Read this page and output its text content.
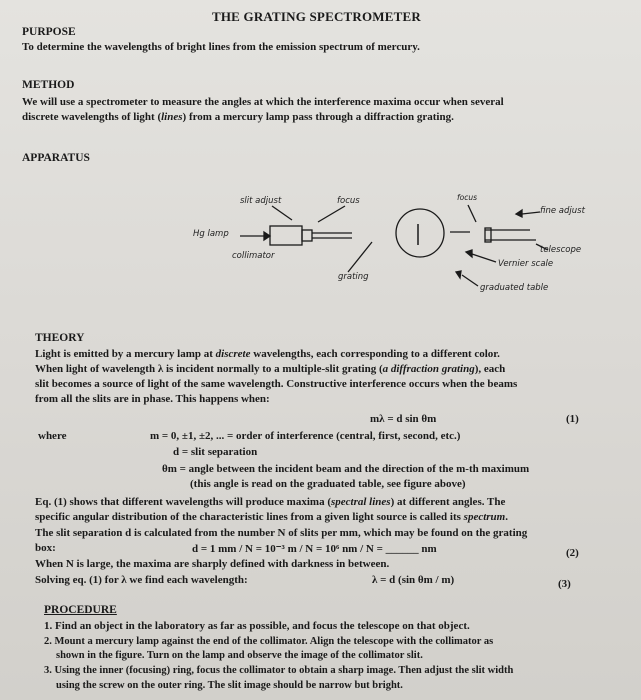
THE GRATING SPECTROMETER
PURPOSE
To determine the wavelengths of bright lines from the emission spectrum of mercury.
METHOD
We will use a spectrometer to measure the angles at which the interference maxima occur when several
discrete wavelengths of light (lines) from a mercury lamp pass through a diffraction grating.
APPARATUS
slit adjust	focus	focus
fine adjust
Hg lamp
collimator
telescope
Vernier scale
grating
graduated table
THEORY
Light is emitted by a mercury lamp at discrete wavelengths, each corresponding to a different color.
When light of wavelength λ is incident normally to a multiple-slit grating (a diffraction grating), each
slit becomes a source of light of the same wavelength. Constructive interference occurs when the beams
from all the slits are in phase. This happens when:
mλ = d sin θm	(1)
where	m = 0, ±1, ±2, ... = order of interference (central, first, second, etc.)
d = slit separation
θm = angle between the incident beam and the direction of the m-th maximum
(this angle is read on the graduated table, see figure above)
Eq. (1) shows that different wavelengths will produce maxima (spectral lines) at different angles. The
specific angular distribution of the characteristic lines from a given light source is called its spectrum.
The slit separation d is calculated from the number N of slits per mm, which may be found on the grating
box:	d = 1 mm / N = 10⁻³ m / N = 10⁶ nm / N = ______ nm	(2)
When N is large, the maxima are sharply defined with darkness in between.
Solving eq. (1) for λ we find each wavelength:	λ = d (sin θm / m)	(3)
PROCEDURE
1. Find an object in the laboratory as far as possible, and focus the telescope on that object.
2. Mount a mercury lamp against the end of the collimator. Align the telescope with the collimator as
shown in the figure. Turn on the lamp and observe the image of the collimator slit.
3. Using the inner (focusing) ring, focus the collimator to obtain a sharp image. Then adjust the slit width
using the screw on the outer ring. The slit image should be narrow but bright.
